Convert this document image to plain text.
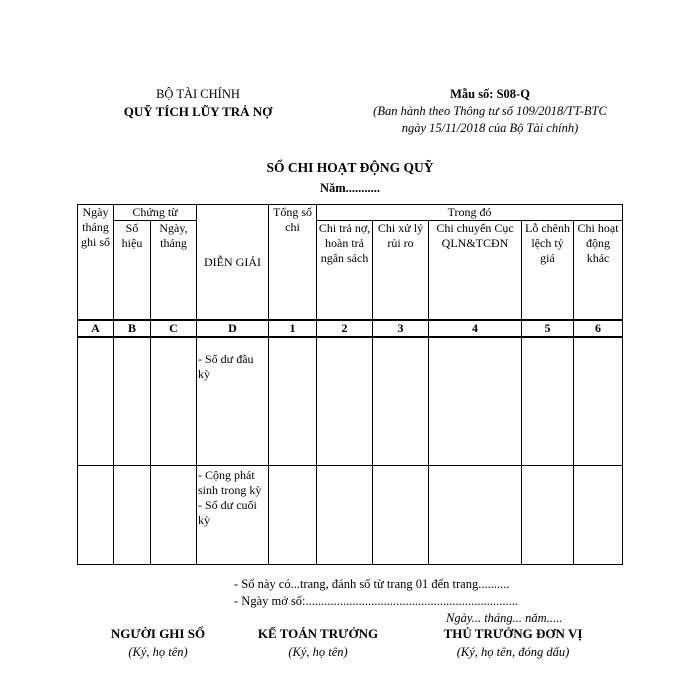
BỘ TÀI CHÍNH
QUỸ TÍCH LŨY TRẢ NỢ
Mẫu số: S08-Q
(Ban hành theo Thông tư số 109/2018/TT-BTC
ngày 15/11/2018 của Bộ Tài chính)
SỔ CHI HOẠT ĐỘNG QUỸ
Năm...........
Ngày tháng ghi sổ	Chứng từ		DIỄN GIẢI	Tổng số chi	Trong đó				
	Số hiệu	Ngày, tháng			Chi trả nợ, hoàn trả ngân sách	Chi xử lý rủi ro	Chi chuyển Cục QLN&TCĐN	Lỗ chênh lệch tỷ giá	Chi hoạt động khác
A	B	C	D	1	2	3	4	5	6
			- Số dư đầu kỳ						

			- Cộng phát sinh trong kỳ
- Số dư cuối kỳ						

- Sổ này có...trang, đánh số từ trang 01 đến trang..........
- Ngày mở sổ:....................................................................
Ngày... tháng... năm.....
NGƯỜI GHI SỔ
(Ký, họ tên)
KẾ TOÁN TRƯỞNG
(Ký, họ tên)
THỦ TRƯỞNG ĐƠN VỊ
(Ký, họ tên, đóng dấu)
